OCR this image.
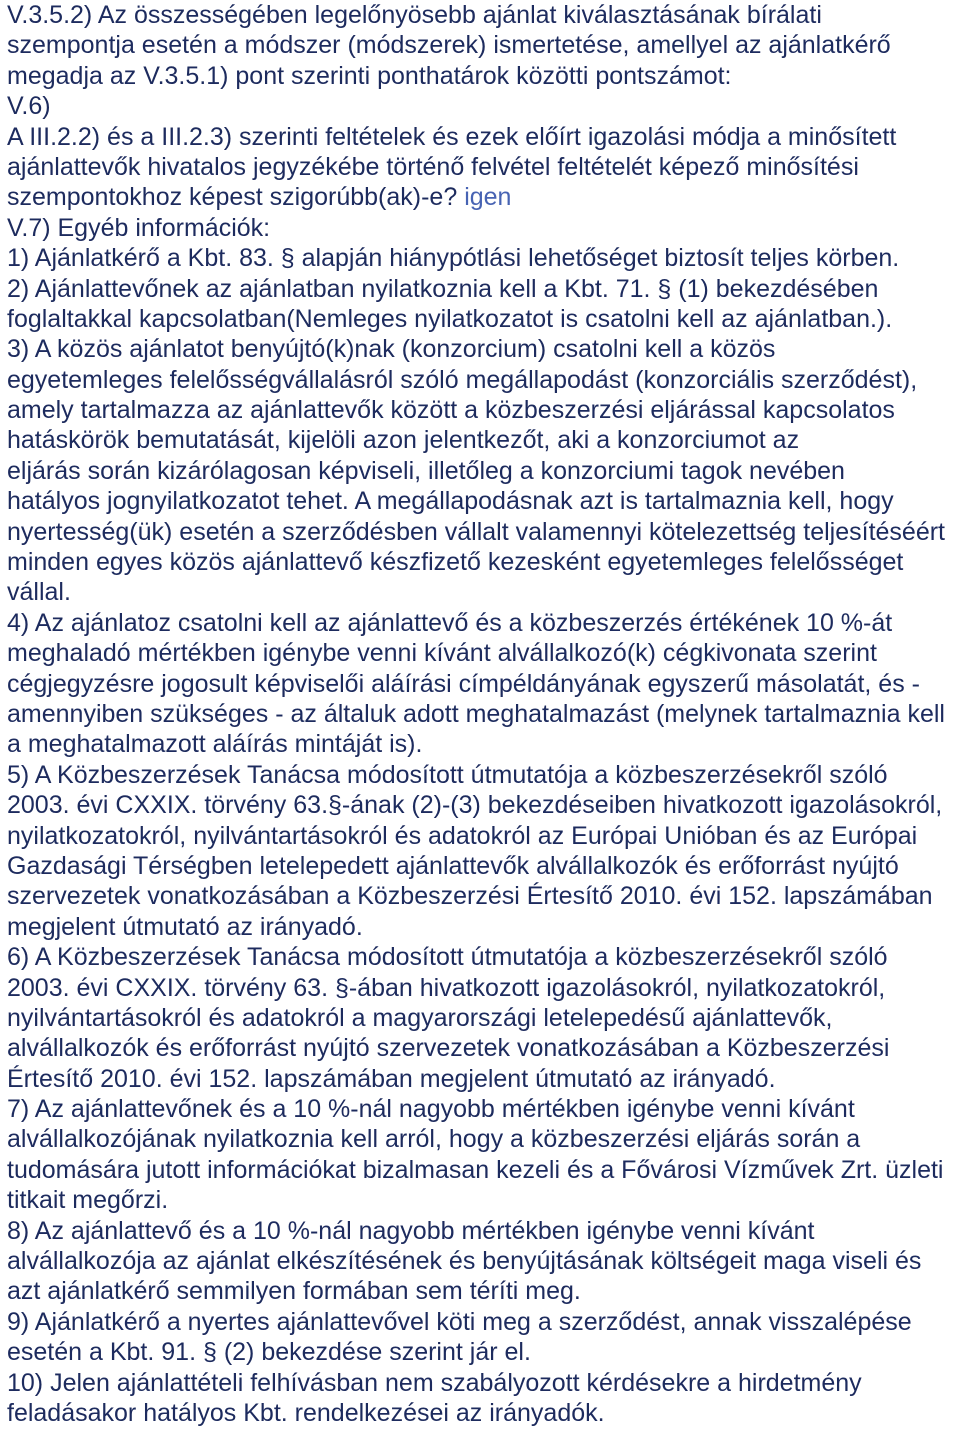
V.3.5.2) Az összességében legelőnyösebb ajánlat kiválasztásának bírálati
szempontja esetén a módszer (módszerek) ismertetése, amellyel az ajánlatkérő
megadja az V.3.5.1) pont szerinti ponthatárok közötti pontszámot:
V.6)
A III.2.2) és a III.2.3) szerinti feltételek és ezek előírt igazolási módja a minősített
ajánlattevők hivatalos jegyzékébe történő felvétel feltételét képező minősítési
szempontokhoz képest szigorúbb(ak)-e? igen
V.7) Egyéb információk:
1) Ajánlatkérő a Kbt. 83. § alapján hiánypótlási lehetőséget biztosít teljes körben.
2) Ajánlattevőnek az ajánlatban nyilatkoznia kell a Kbt. 71. § (1) bekezdésében
foglaltakkal kapcsolatban(Nemleges nyilatkozatot is csatolni kell az ajánlatban.).
3) A közös ajánlatot benyújtó(k)nak (konzorcium) csatolni kell a közös
egyetemleges felelősségvállalásról szóló megállapodást (konzorciális szerződést),
amely tartalmazza az ajánlattevők között a közbeszerzési eljárással kapcsolatos
hatáskörök bemutatását, kijelöli azon jelentkezőt, aki a konzorciumot az
eljárás során kizárólagosan képviseli, illetőleg a konzorciumi tagok nevében
hatályos jognyilatkozatot tehet. A megállapodásnak azt is tartalmaznia kell, hogy
nyertesség(ük) esetén a szerződésben vállalt valamennyi kötelezettség teljesítéséért
minden egyes közös ajánlattevő készfizető kezesként egyetemleges felelősséget
vállal.
4) Az ajánlatoz csatolni kell az ajánlattevő és a közbeszerzés értékének 10 %-át
meghaladó mértékben igénybe venni kívánt alvállalkozó(k) cégkivonata szerint
cégjegyzésre jogosult képviselői aláírási címpéldányának egyszerű másolatát, és -
amennyiben szükséges - az általuk adott meghatalmazást (melynek tartalmaznia kell
a meghatalmazott aláírás mintáját is).
5) A Közbeszerzések Tanácsa módosított útmutatója a közbeszerzésekről szóló
2003. évi CXXIX. törvény 63.§-ának (2)-(3) bekezdéseiben hivatkozott igazolásokról,
nyilatkozatokról, nyilvántartásokról és adatokról az Európai Unióban és az Európai
Gazdasági Térségben letelepedett ajánlattevők alvállalkozók és erőforrást nyújtó
szervezetek vonatkozásában a Közbeszerzési Értesítő 2010. évi 152. lapszámában
megjelent útmutató az irányadó.
6) A Közbeszerzések Tanácsa módosított útmutatója a közbeszerzésekről szóló
2003. évi CXXIX. törvény 63. §-ában hivatkozott igazolásokról, nyilatkozatokról,
nyilvántartásokról és adatokról a magyarországi letelepedésű ajánlattevők,
alvállalkozók és erőforrást nyújtó szervezetek vonatkozásában a Közbeszerzési
Értesítő 2010. évi 152. lapszámában megjelent útmutató az irányadó.
7) Az ajánlattevőnek és a 10 %-nál nagyobb mértékben igénybe venni kívánt
alvállalkozójának nyilatkoznia kell arról, hogy a közbeszerzési eljárás során a
tudomására jutott információkat bizalmasan kezeli és a Fővárosi Vízművek Zrt. üzleti
titkait megőrzi.
8) Az ajánlattevő és a 10 %-nál nagyobb mértékben igénybe venni kívánt
alvállalkozója az ajánlat elkészítésének és benyújtásának költségeit maga viseli és
azt ajánlatkérő semmilyen formában sem téríti meg.
9) Ajánlatkérő a nyertes ajánlattevővel köti meg a szerződést, annak visszalépése
esetén a Kbt. 91. § (2) bekezdése szerint jár el.
10) Jelen ajánlattételi felhívásban nem szabályozott kérdésekre a hirdetmény
feladásakor hatályos Kbt. rendelkezései az irányadók.
